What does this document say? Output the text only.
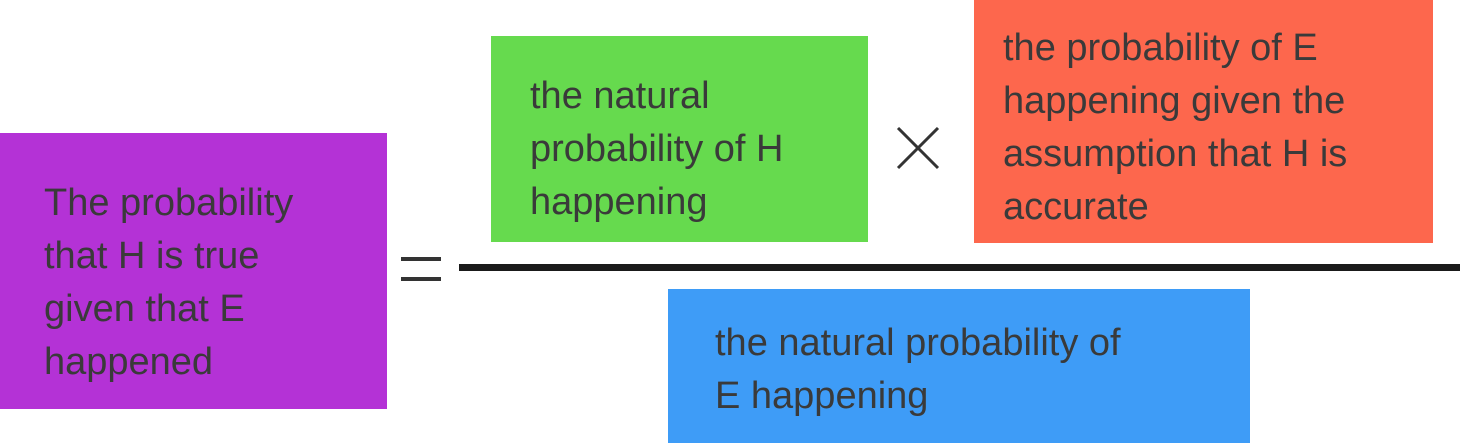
The probability
that H is true
given that E
happened
the natural
probability of H
happening
the probability of E
happening given the
assumption that H is
accurate
the natural probability of
E happening
